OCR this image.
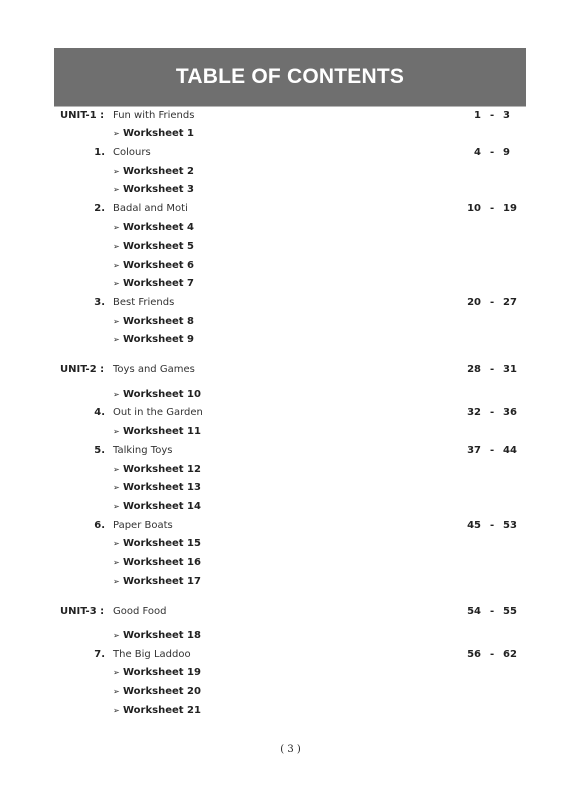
TABLE OF CONTENTS
UNIT-1 : Fun with Friends	1 - 3
➢ Worksheet 1
1. Colours	4 - 9
➢ Worksheet 2
➢ Worksheet 3
2. Badal and Moti	10 - 19
➢ Worksheet 4
➢ Worksheet 5
➢ Worksheet 6
➢ Worksheet 7
3. Best Friends	20 - 27
➢ Worksheet 8
➢ Worksheet 9
UNIT-2 : Toys and Games	28 - 31
➢ Worksheet 10
4. Out in the Garden	32 - 36
➢ Worksheet 11
5. Talking Toys	37 - 44
➢ Worksheet 12
➢ Worksheet 13
➢ Worksheet 14
6. Paper Boats	45 - 53
➢ Worksheet 15
➢ Worksheet 16
➢ Worksheet 17
UNIT-3 : Good Food	54 - 55
➢ Worksheet 18
7. The Big Laddoo	56 - 62
➢ Worksheet 19
➢ Worksheet 20
➢ Worksheet 21
( 3 )
